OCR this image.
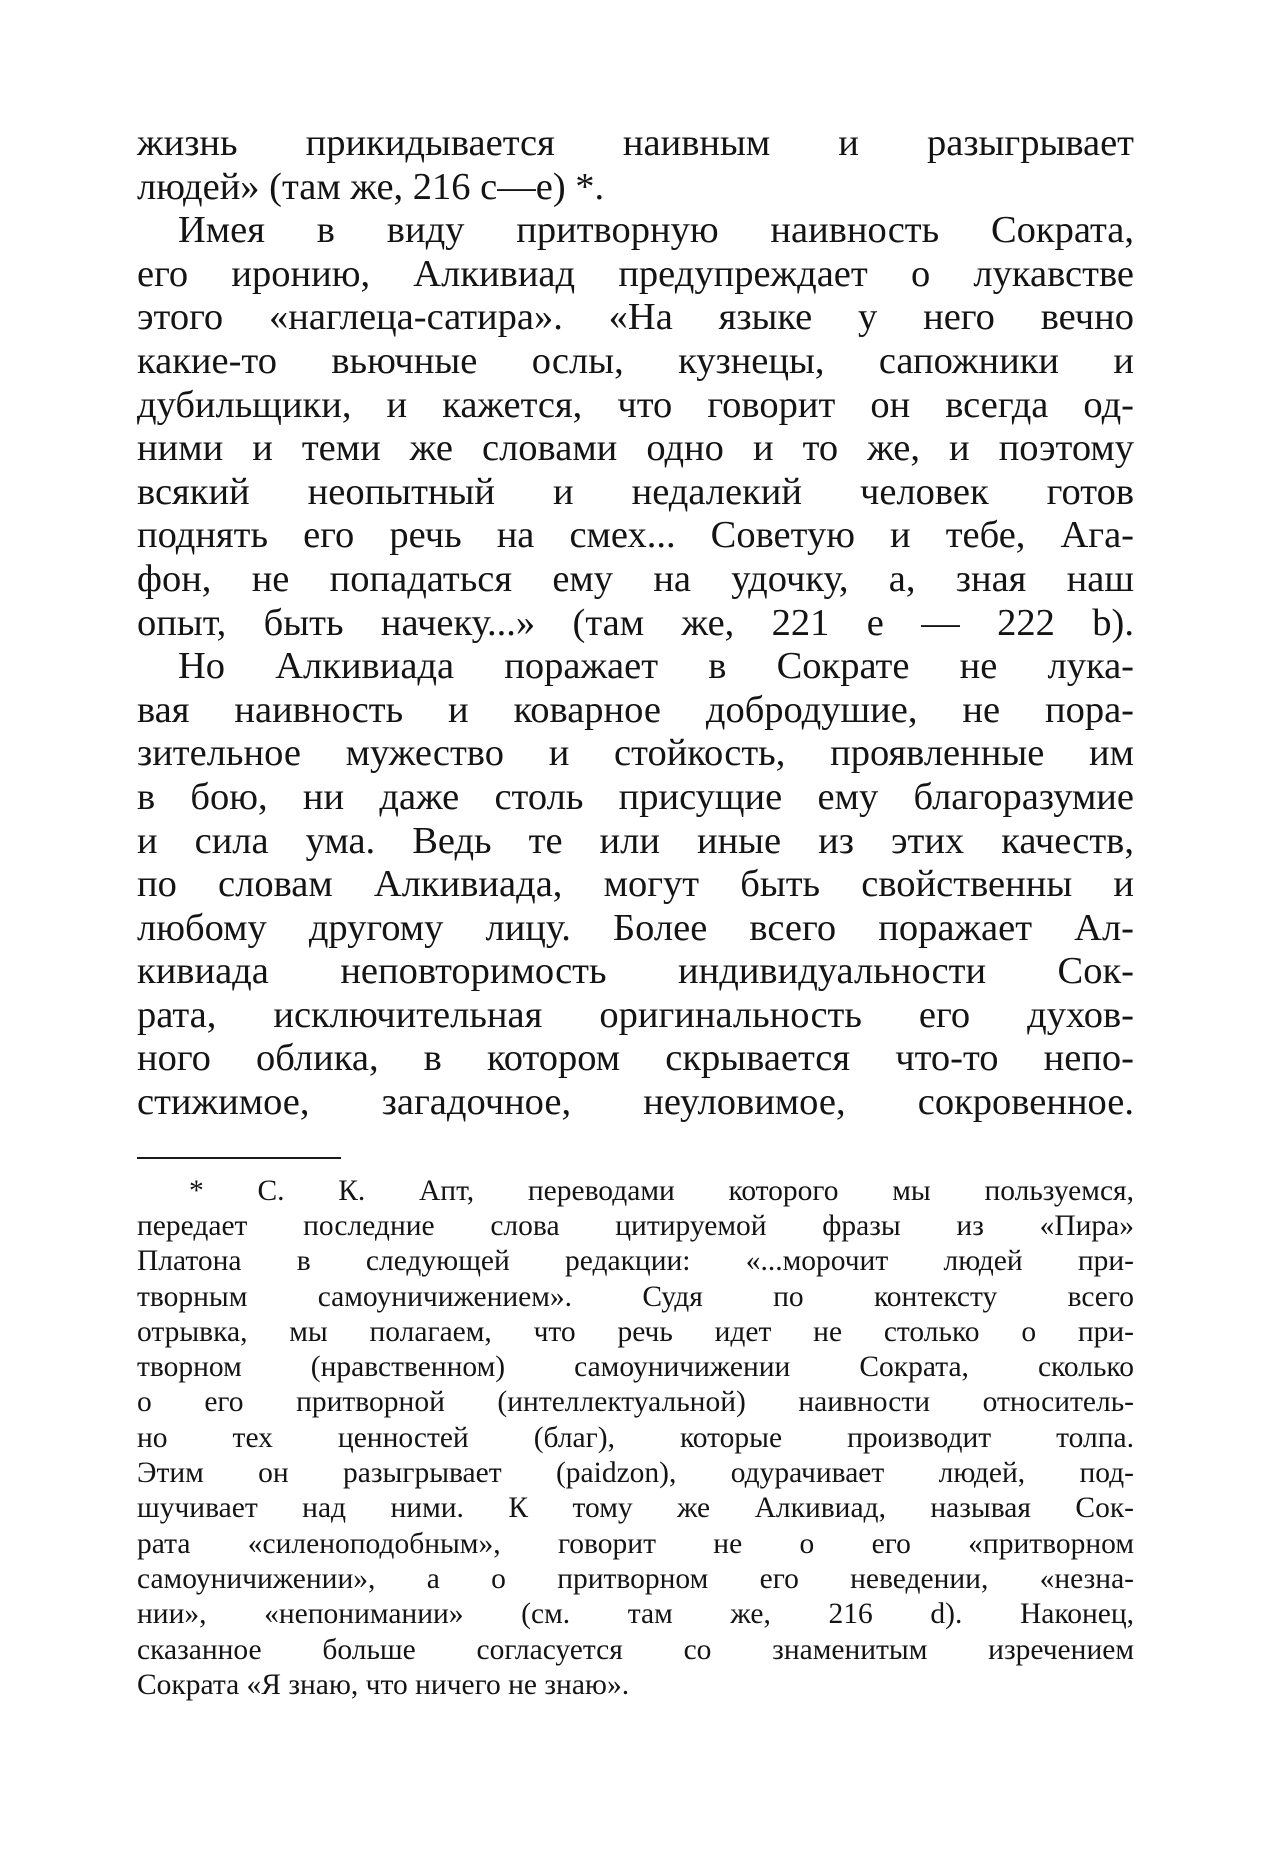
жизнь прикидывается наивным и разыгрывает
людей» (там же, 216 с—е) *.
Имея в виду притворную наивность Сократа,
его иронию, Алкивиад предупреждает о лукавстве
этого «наглеца-сатира». «На языке у него вечно
какие-то вьючные ослы, кузнецы, сапожники и
дубильщики, и кажется, что говорит он всегда од-
ними и теми же словами одно и то же, и поэтому
всякий неопытный и недалекий человек готов
поднять его речь на смех... Советую и тебе, Ага-
фон, не попадаться ему на удочку, а, зная наш
опыт, быть начеку...» (там же, 221 е — 222 b).
Но Алкивиада поражает в Сократе не лука-
вая наивность и коварное добродушие, не пора-
зительное мужество и стойкость, проявленные им
в бою, ни даже столь присущие ему благоразумие
и сила ума. Ведь те или иные из этих качеств,
по словам Алкивиада, могут быть свойственны и
любому другому лицу. Более всего поражает Ал-
кивиада неповторимость индивидуальности Сок-
рата, исключительная оригинальность его духов-
ного облика, в котором скрывается что-то непо-
стижимое, загадочное, неуловимое, сокровенное.
* С. К. Апт, переводами которого мы пользуемся,
передает последние слова цитируемой фразы из «Пира»
Платона в следующей редакции: «...морочит людей при-
творным самоуничижением». Судя по контексту всего
отрывка, мы полагаем, что речь идет не столько о при-
творном (нравственном) самоуничижении Сократа, сколько
о его притворной (интеллектуальной) наивности относитель-
но тех ценностей (благ), которые производит толпа.
Этим он разыгрывает (paidzon), одурачивает людей, под-
шучивает над ними. К тому же Алкивиад, называя Сок-
рата «силеноподобным», говорит не о его «притворном
самоуничижении», а о притворном его неведении, «незна-
нии», «непонимании» (см. там же, 216 d). Наконец,
сказанное больше согласуется со знаменитым изречением
Сократа «Я знаю, что ничего не знаю».
